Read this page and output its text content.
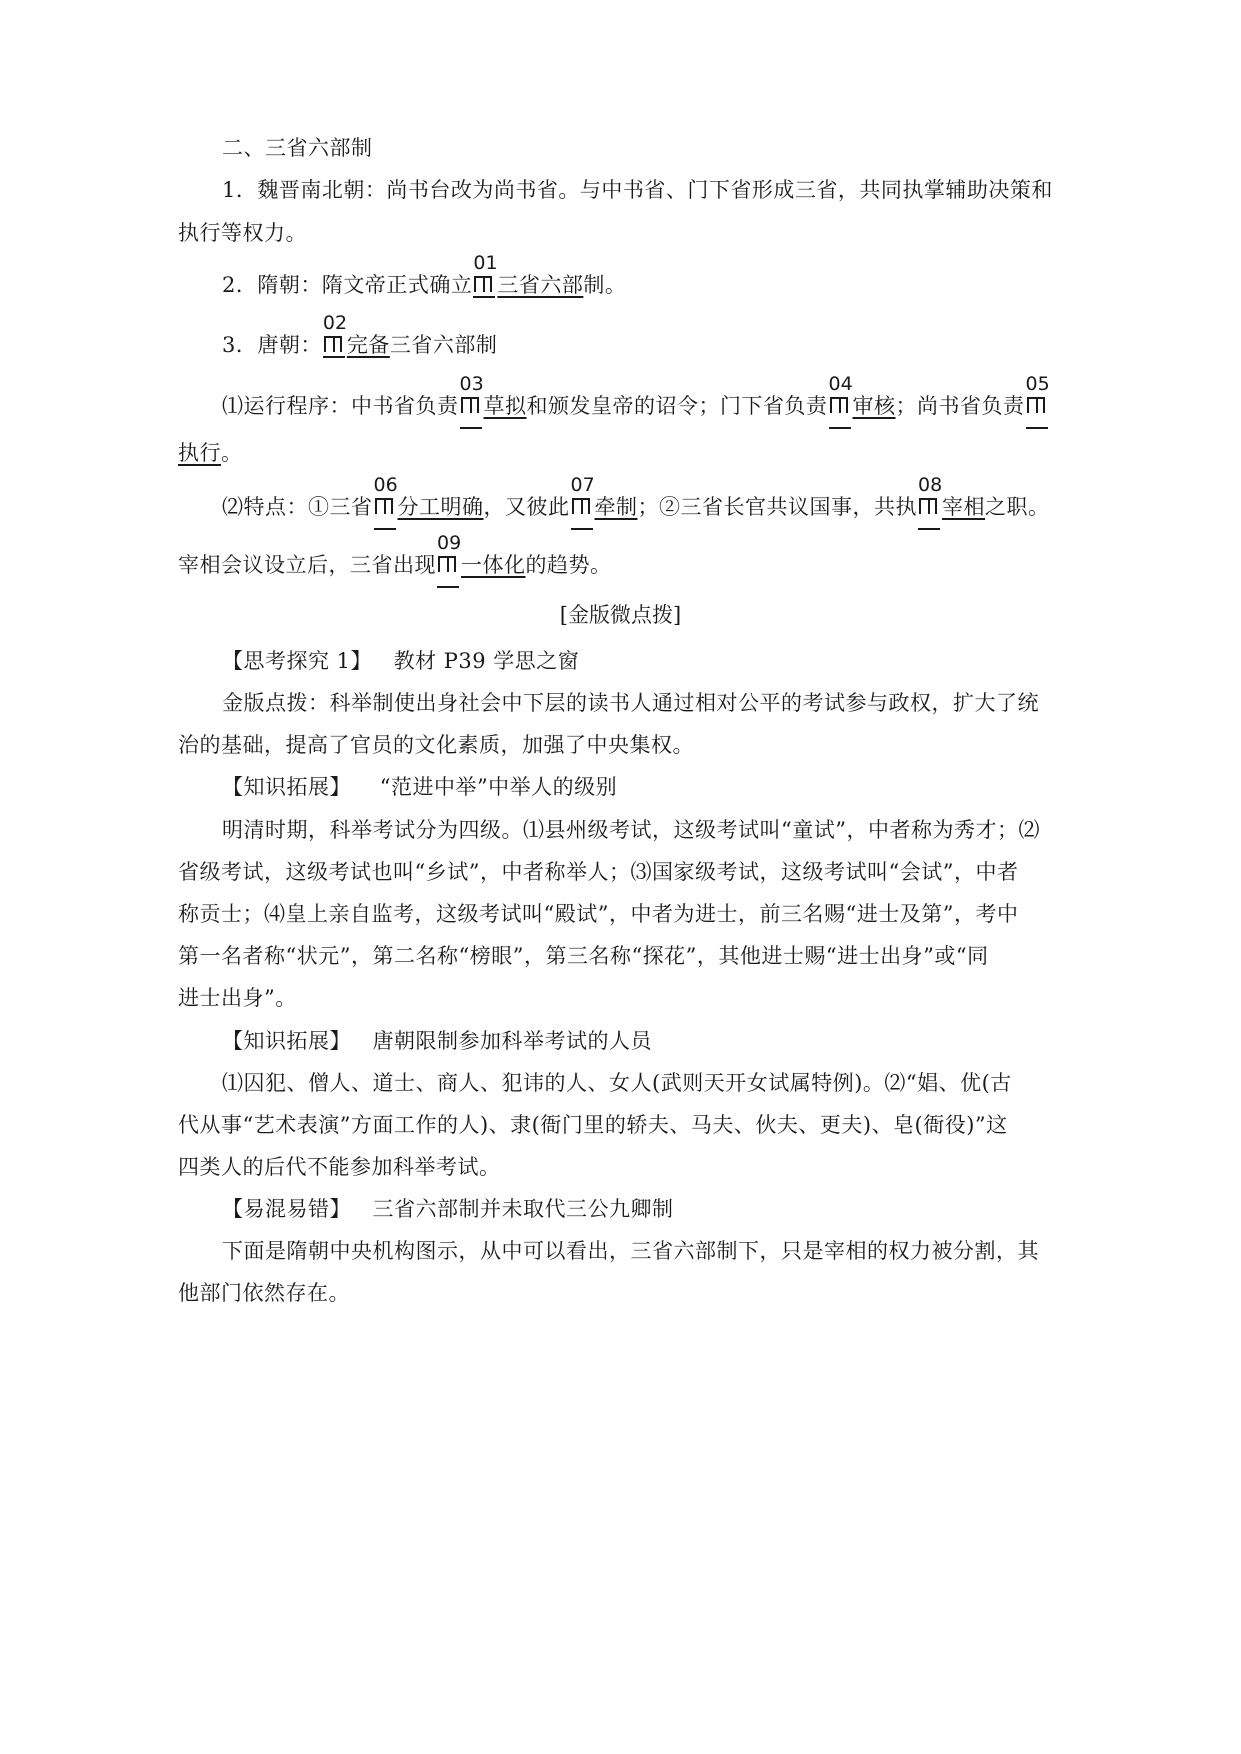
二、三省六部制
1．魏晋南北朝：尚书台改为尚书省。与中书省、门下省形成三省，共同执掌辅助决策和
执行等权力。
2．隋朝：隋文帝正式确立
01
三省六部制。
3．唐朝：
02
完备三省六部制
⑴运行程序：中书省负责
03
草拟和颁发皇帝的诏令；门下省负责
04
审核；尚书省负责
05
执行。
⑵特点：①三省
06
分工明确，又彼此
07
牵制；②三省长官共议国事，共执
08
宰相之职。
宰相会议设立后，三省出现
09
一体化的趋势。
[金版微点拨]
【思考探究 1】 教材 P39 学思之窗
金版点拨：科举制使出身社会中下层的读书人通过相对公平的考试参与政权，扩大了统
治的基础，提高了官员的文化素质，加强了中央集权。
【知识拓展】 “范进中举”中举人的级别
明清时期，科举考试分为四级。⑴县州级考试，这级考试叫“童试”，中者称为秀才；⑵
省级考试，这级考试也叫“乡试”，中者称举人；⑶国家级考试，这级考试叫“会试”，中者
称贡士；⑷皇上亲自监考，这级考试叫“殿试”，中者为进士，前三名赐“进士及第”，考中
第一名者称“状元”，第二名称“榜眼”，第三名称“探花”，其他进士赐“进士出身”或“同
进士出身”。
【知识拓展】 唐朝限制参加科举考试的人员
⑴囚犯、僧人、道士、商人、犯讳的人、女人(武则天开女试属特例)。⑵“娼、优(古
代从事“艺术表演”方面工作的人)、隶(衙门里的轿夫、马夫、伙夫、更夫)、皂(衙役)”这
四类人的后代不能参加科举考试。
【易混易错】 三省六部制并未取代三公九卿制
下面是隋朝中央机构图示，从中可以看出，三省六部制下，只是宰相的权力被分割，其
他部门依然存在。
